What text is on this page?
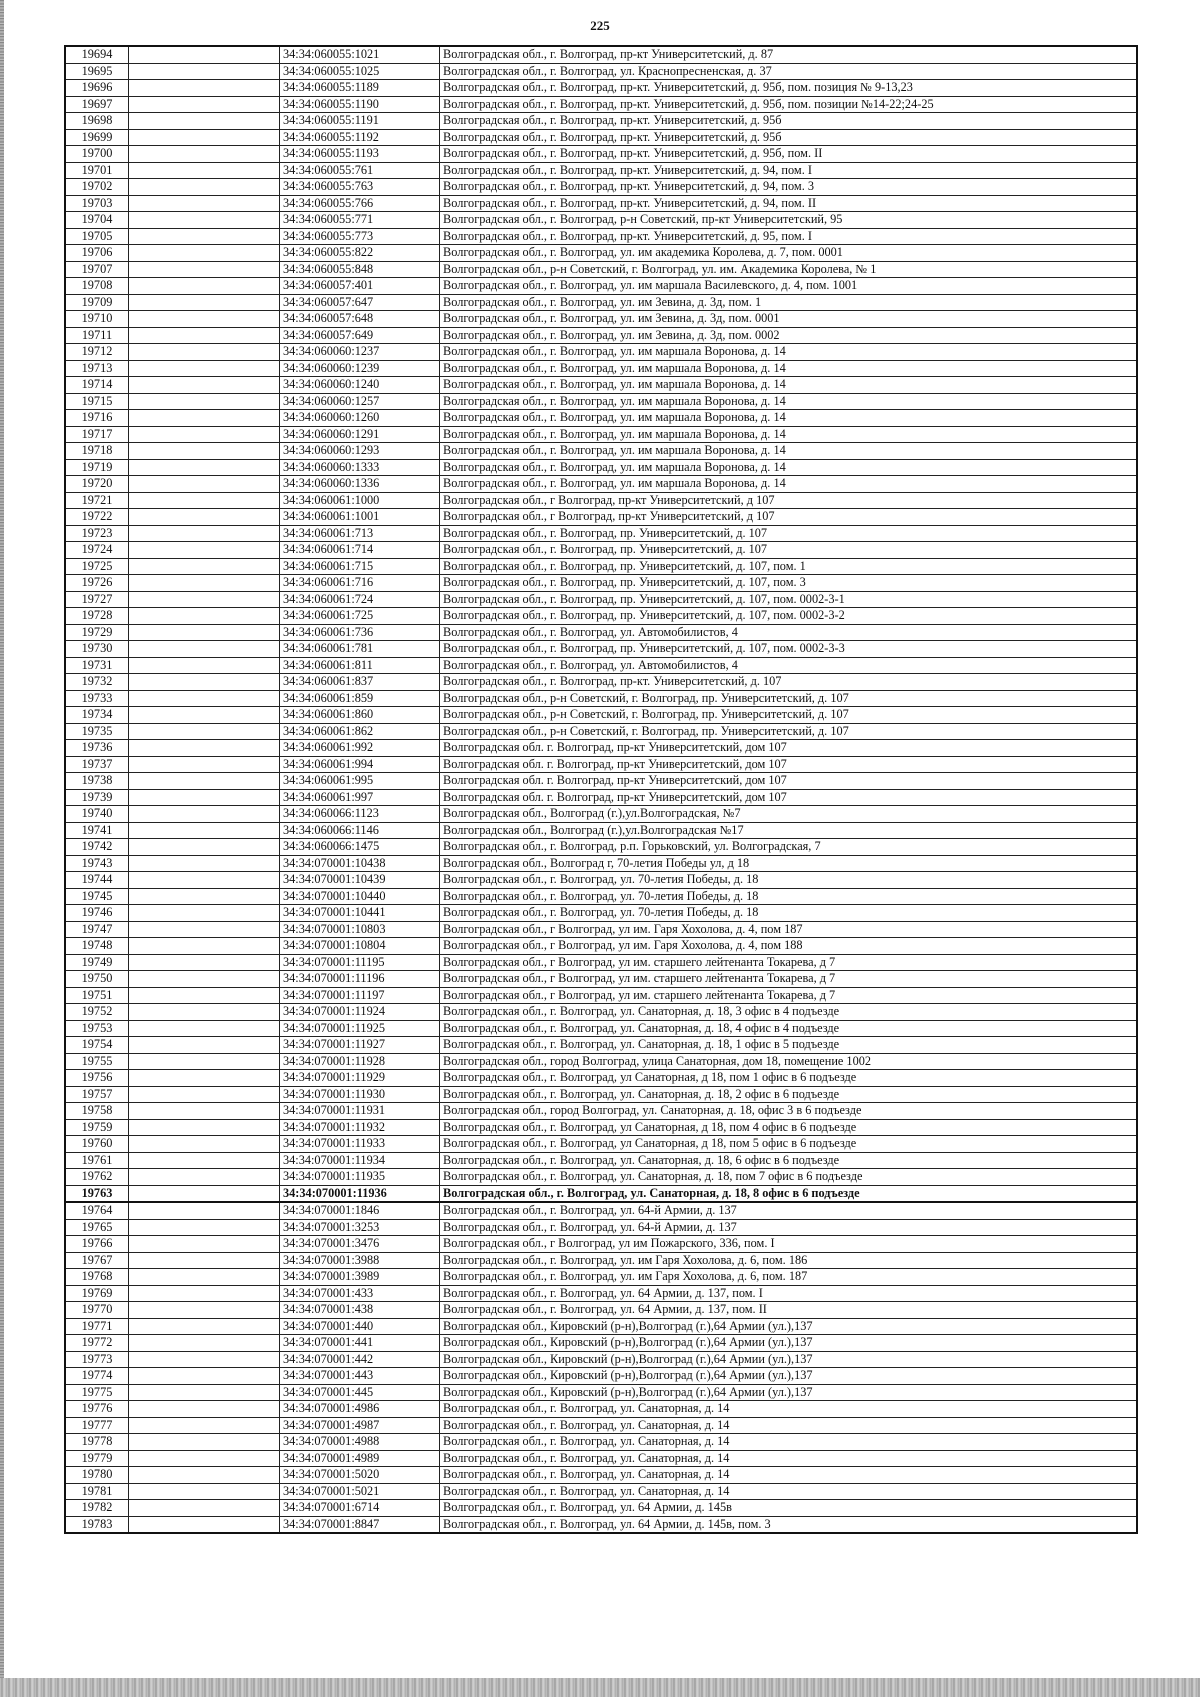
225
19694		34:34:060055:1021	Волгоградская обл., г. Волгоград, пр-кт Университетский, д. 87
19695		34:34:060055:1025	Волгоградская обл., г. Волгоград, ул. Краснопресненская, д. 37
19696		34:34:060055:1189	Волгоградская обл., г. Волгоград, пр-кт. Университетский, д. 95б, пом. позиция № 9-13,23
19697		34:34:060055:1190	Волгоградская обл., г. Волгоград, пр-кт. Университетский, д. 95б, пом. позиции №14-22;24-25
19698		34:34:060055:1191	Волгоградская обл., г. Волгоград, пр-кт. Университетский, д. 95б
19699		34:34:060055:1192	Волгоградская обл., г. Волгоград, пр-кт. Университетский, д. 95б
19700		34:34:060055:1193	Волгоградская обл., г. Волгоград, пр-кт. Университетский, д. 95б, пом. II
19701		34:34:060055:761	Волгоградская обл., г. Волгоград, пр-кт. Университетский, д. 94, пом. I
19702		34:34:060055:763	Волгоградская обл., г. Волгоград, пр-кт. Университетский, д. 94, пом. 3
19703		34:34:060055:766	Волгоградская обл., г. Волгоград, пр-кт. Университетский, д. 94, пом. II
19704		34:34:060055:771	Волгоградская обл., г. Волгоград, р-н Советский, пр-кт Университетский, 95
19705		34:34:060055:773	Волгоградская обл., г. Волгоград, пр-кт. Университетский, д. 95, пом. I
19706		34:34:060055:822	Волгоградская обл., г. Волгоград, ул. им академика Королева, д. 7, пом. 0001
19707		34:34:060055:848	Волгоградская обл., р-н Советский, г. Волгоград, ул. им. Академика Королева, № 1
19708		34:34:060057:401	Волгоградская обл., г. Волгоград, ул. им маршала Василевского, д. 4, пом. 1001
19709		34:34:060057:647	Волгоградская обл., г. Волгоград, ул. им Зевина, д. 3д, пом. 1
19710		34:34:060057:648	Волгоградская обл., г. Волгоград, ул. им Зевина, д. 3д, пом. 0001
19711		34:34:060057:649	Волгоградская обл., г. Волгоград, ул. им Зевина, д. 3д, пом. 0002
19712		34:34:060060:1237	Волгоградская обл., г. Волгоград, ул. им маршала Воронова, д. 14
19713		34:34:060060:1239	Волгоградская обл., г. Волгоград, ул. им маршала Воронова, д. 14
19714		34:34:060060:1240	Волгоградская обл., г. Волгоград, ул. им маршала Воронова, д. 14
19715		34:34:060060:1257	Волгоградская обл., г. Волгоград, ул. им маршала Воронова, д. 14
19716		34:34:060060:1260	Волгоградская обл., г. Волгоград, ул. им маршала Воронова, д. 14
19717		34:34:060060:1291	Волгоградская обл., г. Волгоград, ул. им маршала Воронова, д. 14
19718		34:34:060060:1293	Волгоградская обл., г. Волгоград, ул. им маршала Воронова, д. 14
19719		34:34:060060:1333	Волгоградская обл., г. Волгоград, ул. им маршала Воронова, д. 14
19720		34:34:060060:1336	Волгоградская обл., г. Волгоград, ул. им маршала Воронова, д. 14
19721		34:34:060061:1000	Волгоградская обл., г Волгоград, пр-кт Университетский, д 107
19722		34:34:060061:1001	Волгоградская обл., г Волгоград, пр-кт Университетский, д 107
19723		34:34:060061:713	Волгоградская обл., г. Волгоград, пр. Университетский, д. 107
19724		34:34:060061:714	Волгоградская обл., г. Волгоград, пр. Университетский, д. 107
19725		34:34:060061:715	Волгоградская обл., г. Волгоград, пр. Университетский, д. 107, пом. 1
19726		34:34:060061:716	Волгоградская обл., г. Волгоград, пр. Университетский, д. 107, пом. 3
19727		34:34:060061:724	Волгоградская обл., г. Волгоград, пр. Университетский, д. 107, пом. 0002-3-1
19728		34:34:060061:725	Волгоградская обл., г. Волгоград, пр. Университетский, д. 107, пом. 0002-3-2
19729		34:34:060061:736	Волгоградская обл., г. Волгоград, ул. Автомобилистов, 4
19730		34:34:060061:781	Волгоградская обл., г. Волгоград, пр. Университетский, д. 107, пом. 0002-3-3
19731		34:34:060061:811	Волгоградская обл., г. Волгоград, ул. Автомобилистов, 4
19732		34:34:060061:837	Волгоградская обл., г. Волгоград, пр-кт. Университетский, д. 107
19733		34:34:060061:859	Волгоградская обл., р-н Советский, г. Волгоград, пр. Университетский, д. 107
19734		34:34:060061:860	Волгоградская обл., р-н Советский, г. Волгоград, пр. Университетский, д. 107
19735		34:34:060061:862	Волгоградская обл., р-н Советский, г. Волгоград, пр. Университетский, д. 107
19736		34:34:060061:992	Волгоградская обл. г. Волгоград, пр-кт Университетский, дом 107
19737		34:34:060061:994	Волгоградская обл. г. Волгоград, пр-кт Университетский, дом 107
19738		34:34:060061:995	Волгоградская обл. г. Волгоград, пр-кт Университетский, дом 107
19739		34:34:060061:997	Волгоградская обл. г. Волгоград, пр-кт Университетский, дом 107
19740		34:34:060066:1123	Волгоградская обл., Волгоград (г.),ул.Волгоградская, №7
19741		34:34:060066:1146	Волгоградская обл., Волгоград (г.),ул.Волгоградская №17
19742		34:34:060066:1475	Волгоградская обл., г. Волгоград, р.п. Горьковский, ул. Волгоградская, 7
19743		34:34:070001:10438	Волгоградская обл., Волгоград г, 70-летия Победы ул, д 18
19744		34:34:070001:10439	Волгоградская обл., г. Волгоград, ул. 70-летия Победы, д. 18
19745		34:34:070001:10440	Волгоградская обл., г. Волгоград, ул. 70-летия Победы, д. 18
19746		34:34:070001:10441	Волгоградская обл., г. Волгоград, ул. 70-летия Победы, д. 18
19747		34:34:070001:10803	Волгоградская обл., г Волгоград, ул им. Гаря Хохолова, д. 4, пом 187
19748		34:34:070001:10804	Волгоградская обл., г Волгоград, ул им. Гаря Хохолова, д. 4, пом 188
19749		34:34:070001:11195	Волгоградская обл., г Волгоград, ул им. старшего лейтенанта Токарева, д 7
19750		34:34:070001:11196	Волгоградская обл., г Волгоград, ул им. старшего лейтенанта Токарева, д 7
19751		34:34:070001:11197	Волгоградская обл., г Волгоград, ул им. старшего лейтенанта Токарева, д 7
19752		34:34:070001:11924	Волгоградская обл., г. Волгоград, ул. Санаторная, д. 18, 3 офис в 4 подъезде
19753		34:34:070001:11925	Волгоградская обл., г. Волгоград, ул. Санаторная, д. 18, 4 офис в 4 подъезде
19754		34:34:070001:11927	Волгоградская обл., г. Волгоград, ул. Санаторная, д. 18, 1 офис в 5 подъезде
19755		34:34:070001:11928	Волгоградская обл., город Волгоград, улица Санаторная, дом 18, помещение 1002
19756		34:34:070001:11929	Волгоградская обл., г. Волгоград, ул Санаторная, д 18, пом 1 офис в 6 подъезде
19757		34:34:070001:11930	Волгоградская обл., г. Волгоград, ул. Санаторная, д. 18, 2 офис в 6 подъезде
19758		34:34:070001:11931	Волгоградская обл., город Волгоград, ул. Санаторная, д. 18, офис 3 в 6 подъезде
19759		34:34:070001:11932	Волгоградская обл., г. Волгоград, ул Санаторная, д 18, пом 4 офис в 6 подъезде
19760		34:34:070001:11933	Волгоградская обл., г. Волгоград, ул Санаторная, д 18, пом 5 офис в 6 подъезде
19761		34:34:070001:11934	Волгоградская обл., г. Волгоград, ул. Санаторная, д. 18, 6 офис в 6 подъезде
19762		34:34:070001:11935	Волгоградская обл., г. Волгоград, ул. Санаторная, д. 18, пом 7 офис в 6 подъезде
19763		34:34:070001:11936	Волгоградская обл., г. Волгоград, ул. Санаторная, д. 18, 8 офис в 6 подъезде
19764		34:34:070001:1846	Волгоградская обл., г. Волгоград, ул. 64-й Армии, д. 137
19765		34:34:070001:3253	Волгоградская обл., г. Волгоград, ул. 64-й Армии, д. 137
19766		34:34:070001:3476	Волгоградская обл., г Волгоград, ул им Пожарского, 336, пом. I
19767		34:34:070001:3988	Волгоградская обл., г. Волгоград, ул. им Гаря Хохолова, д. 6, пом. 186
19768		34:34:070001:3989	Волгоградская обл., г. Волгоград, ул. им Гаря Хохолова, д. 6, пом. 187
19769		34:34:070001:433	Волгоградская обл., г. Волгоград, ул. 64 Армии, д. 137, пом. I
19770		34:34:070001:438	Волгоградская обл., г. Волгоград, ул. 64 Армии, д. 137, пом. II
19771		34:34:070001:440	Волгоградская обл., Кировский (р-н),Волгоград (г.),64 Армии (ул.),137
19772		34:34:070001:441	Волгоградская обл., Кировский (р-н),Волгоград (г.),64 Армии (ул.),137
19773		34:34:070001:442	Волгоградская обл., Кировский (р-н),Волгоград (г.),64 Армии (ул.),137
19774		34:34:070001:443	Волгоградская обл., Кировский (р-н),Волгоград (г.),64 Армии (ул.),137
19775		34:34:070001:445	Волгоградская обл., Кировский (р-н),Волгоград (г.),64 Армии (ул.),137
19776		34:34:070001:4986	Волгоградская обл., г. Волгоград, ул. Санаторная, д. 14
19777		34:34:070001:4987	Волгоградская обл., г. Волгоград, ул. Санаторная, д. 14
19778		34:34:070001:4988	Волгоградская обл., г. Волгоград, ул. Санаторная, д. 14
19779		34:34:070001:4989	Волгоградская обл., г. Волгоград, ул. Санаторная, д. 14
19780		34:34:070001:5020	Волгоградская обл., г. Волгоград, ул. Санаторная, д. 14
19781		34:34:070001:5021	Волгоградская обл., г. Волгоград, ул. Санаторная, д. 14
19782		34:34:070001:6714	Волгоградская обл., г. Волгоград, ул. 64 Армии, д. 145в
19783		34:34:070001:8847	Волгоградская обл., г. Волгоград, ул. 64 Армии, д. 145в, пом. 3
